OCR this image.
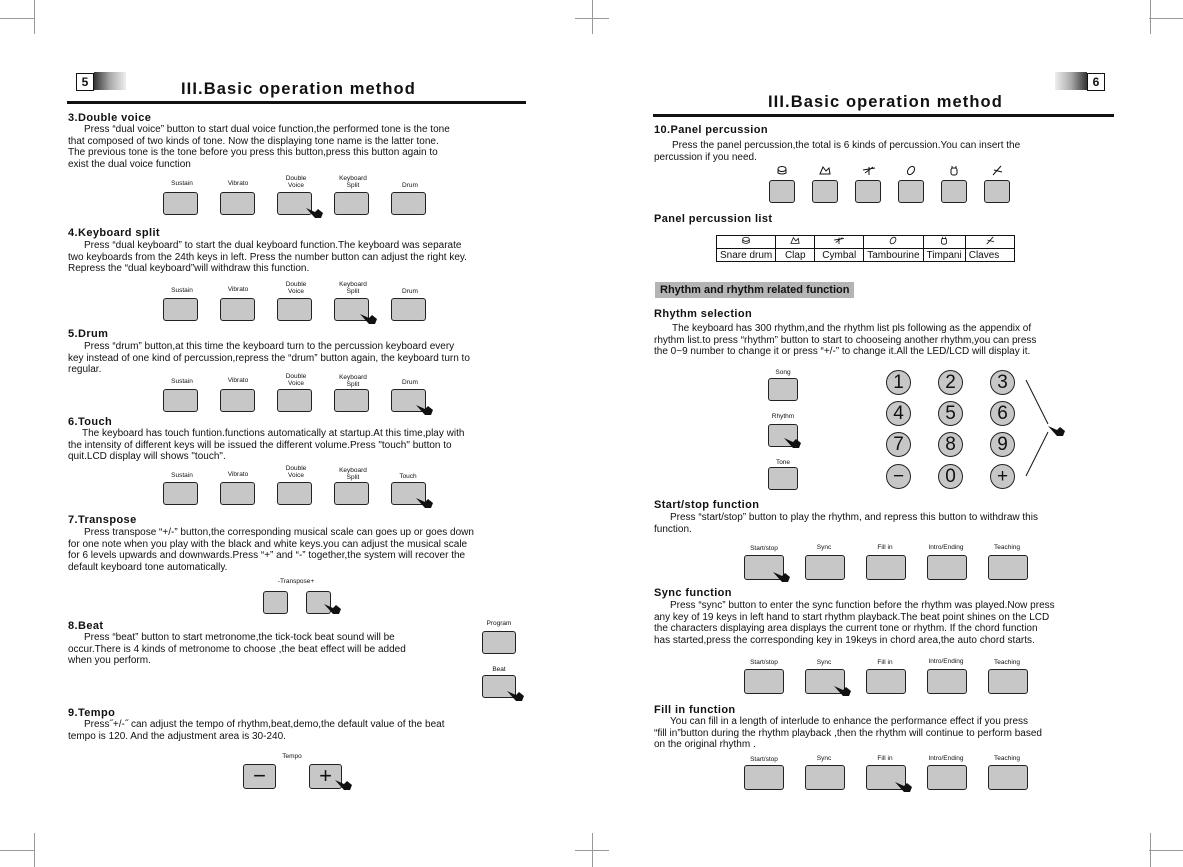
5	III.Basic operation method
3.Double voice
Press “dual voice” button to start dual voice function,the performed tone is the tone
that composed of two kinds of tone. Now the displaying tone name is the latter tone.
The previous tone is the tone before you press this button,press this button again to
exist the dual voice function
Sustain	Vibrato
Double
Voice
Keyboard
Split	Drum
4.Keyboard split
Press “dual keyboard” to start the dual keyboard function.The keyboard was separate
two keyboards from the 24th keys in left. Press the number button can adjust the right key.
Repress the “dual keyboard”will withdraw this function.
Sustain	Vibrato
Double
Voice
Keyboard
Split	Drum
5.Drum
Press “drum” button,at this time the keyboard turn to the percussion keyboard every
key instead of one kind of percussion,repress the “drum” button again, the keyboard turn to
regular.
Sustain	Vibrato
Double
Voice
Keyboard
Split	Drum
6.Touch
The keyboard has touch funtion.functions automatically at startup.At this time,play with
the intensity of different keys will be issued the different volume.Press "touch" button to
quit.LCD display will shows "touch".
Sustain	Vibrato
Double
Voice
Keyboard
Split	Touch
7.Transpose
Press transpose “+/-” button,the corresponding musical scale can goes up or goes down
for one note when you play with the black and white keys.you can adjust the musical scale
for 6 levels upwards and downwards.Press “+” and “-” together,the system will recover the
default keyboard tone automatically.
-Transpose+
8.Beat
Press “beat” button to start metronome,the tick-tock beat sound will be
occur.There is 4 kinds of metronome to choose ,the beat effect will be added
when you perform.
Program
Beat
9.Tempo
Press˝+/-˝ can adjust the tempo of rhythm,beat,demo,the default value of the beat
tempo is 120. And the adjustment area is 30-240.
Tempo
−	+
6
III.Basic operation method
10.Panel percussion
Press the panel percussion,the total is 6 kinds of percussion.You can insert the
percussion if you need.
Panel percussion list

Snare drum	Clap	Cymbal	Tambourine	Timpani	Claves
Rhythm and rhythm related function
Rhythm selection
The keyboard has 300 rhythm,and the rhythm list pls following as the appendix of
rhythm list.to press “rhythm” button to start to chooseing another rhythm,you can press
the 0~9 number to change it or press “+/-” to change it.All the LED/LCD will display it.
Song
Rhythm
Tone
1	2	3
4	5	6
7	8	9
−	0	+
Start/stop function
Press “start/stop” button to play the rhythm, and repress this button to withdraw this
function.
Start/stop	Sync	Fill in	Intro/Ending	Teaching
Sync function
Press “sync” button to enter the sync function before the rhythm was played.Now press
any key of 19 keys in left hand to start rhythm playback.The beat point shines on the LCD
the characters displaying area displays the current tone or rhythm. If the chord function
has started,press the corresponding key in 19keys in chord area,the auto chord starts.
Start/stop	Sync	Fill in	Intro/Ending	Teaching
Fill in function
You can fill in a length of interlude to enhance the performance effect if you press
“fill in”button during the rhythm playback ,then the rhythm will continue to perform based
on the original rhythm .
Start/stop	Sync	Fill in	Intro/Ending	Teaching
